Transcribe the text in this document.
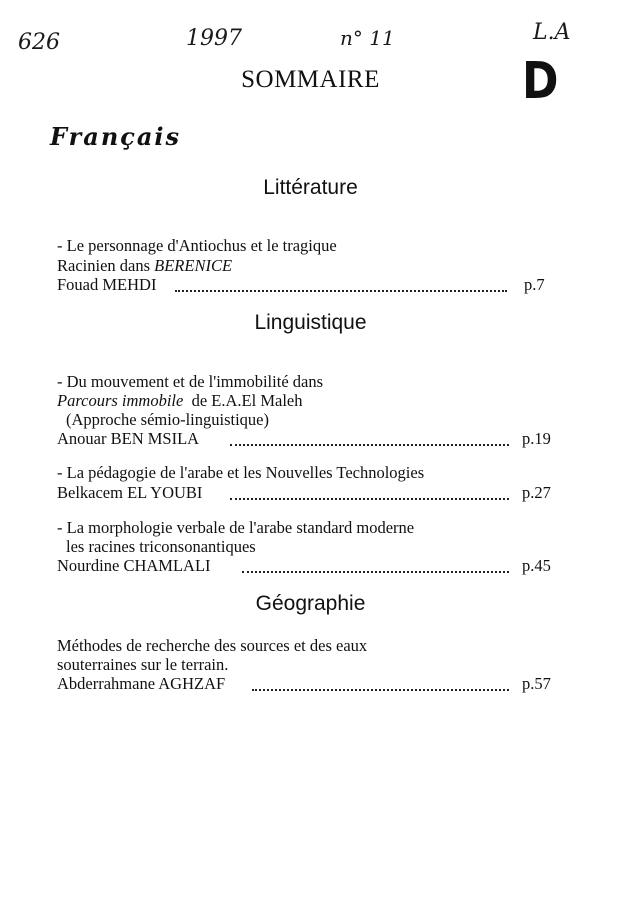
626	1997	n° 11	L.A
D
SOMMAIRE
Français
Littérature
- Le personnage d'Antiochus et le tragique
Racinien dans BERENICE
Fouad MEHDI	p.7
Linguistique
- Du mouvement et de l'immobilité dans
Parcours immobile  de E.A.El Maleh
(Approche sémio-linguistique)
Anouar BEN MSILA	p.19
- La pédagogie de l'arabe et les Nouvelles Technologies
Belkacem EL YOUBI	p.27
- La morphologie verbale de l'arabe standard moderne
les racines triconsonantiques
Nourdine CHAMLALI	p.45
Géographie
Méthodes de recherche des sources et des eaux
souterraines sur le terrain.
Abderrahmane AGHZAF	p.57
